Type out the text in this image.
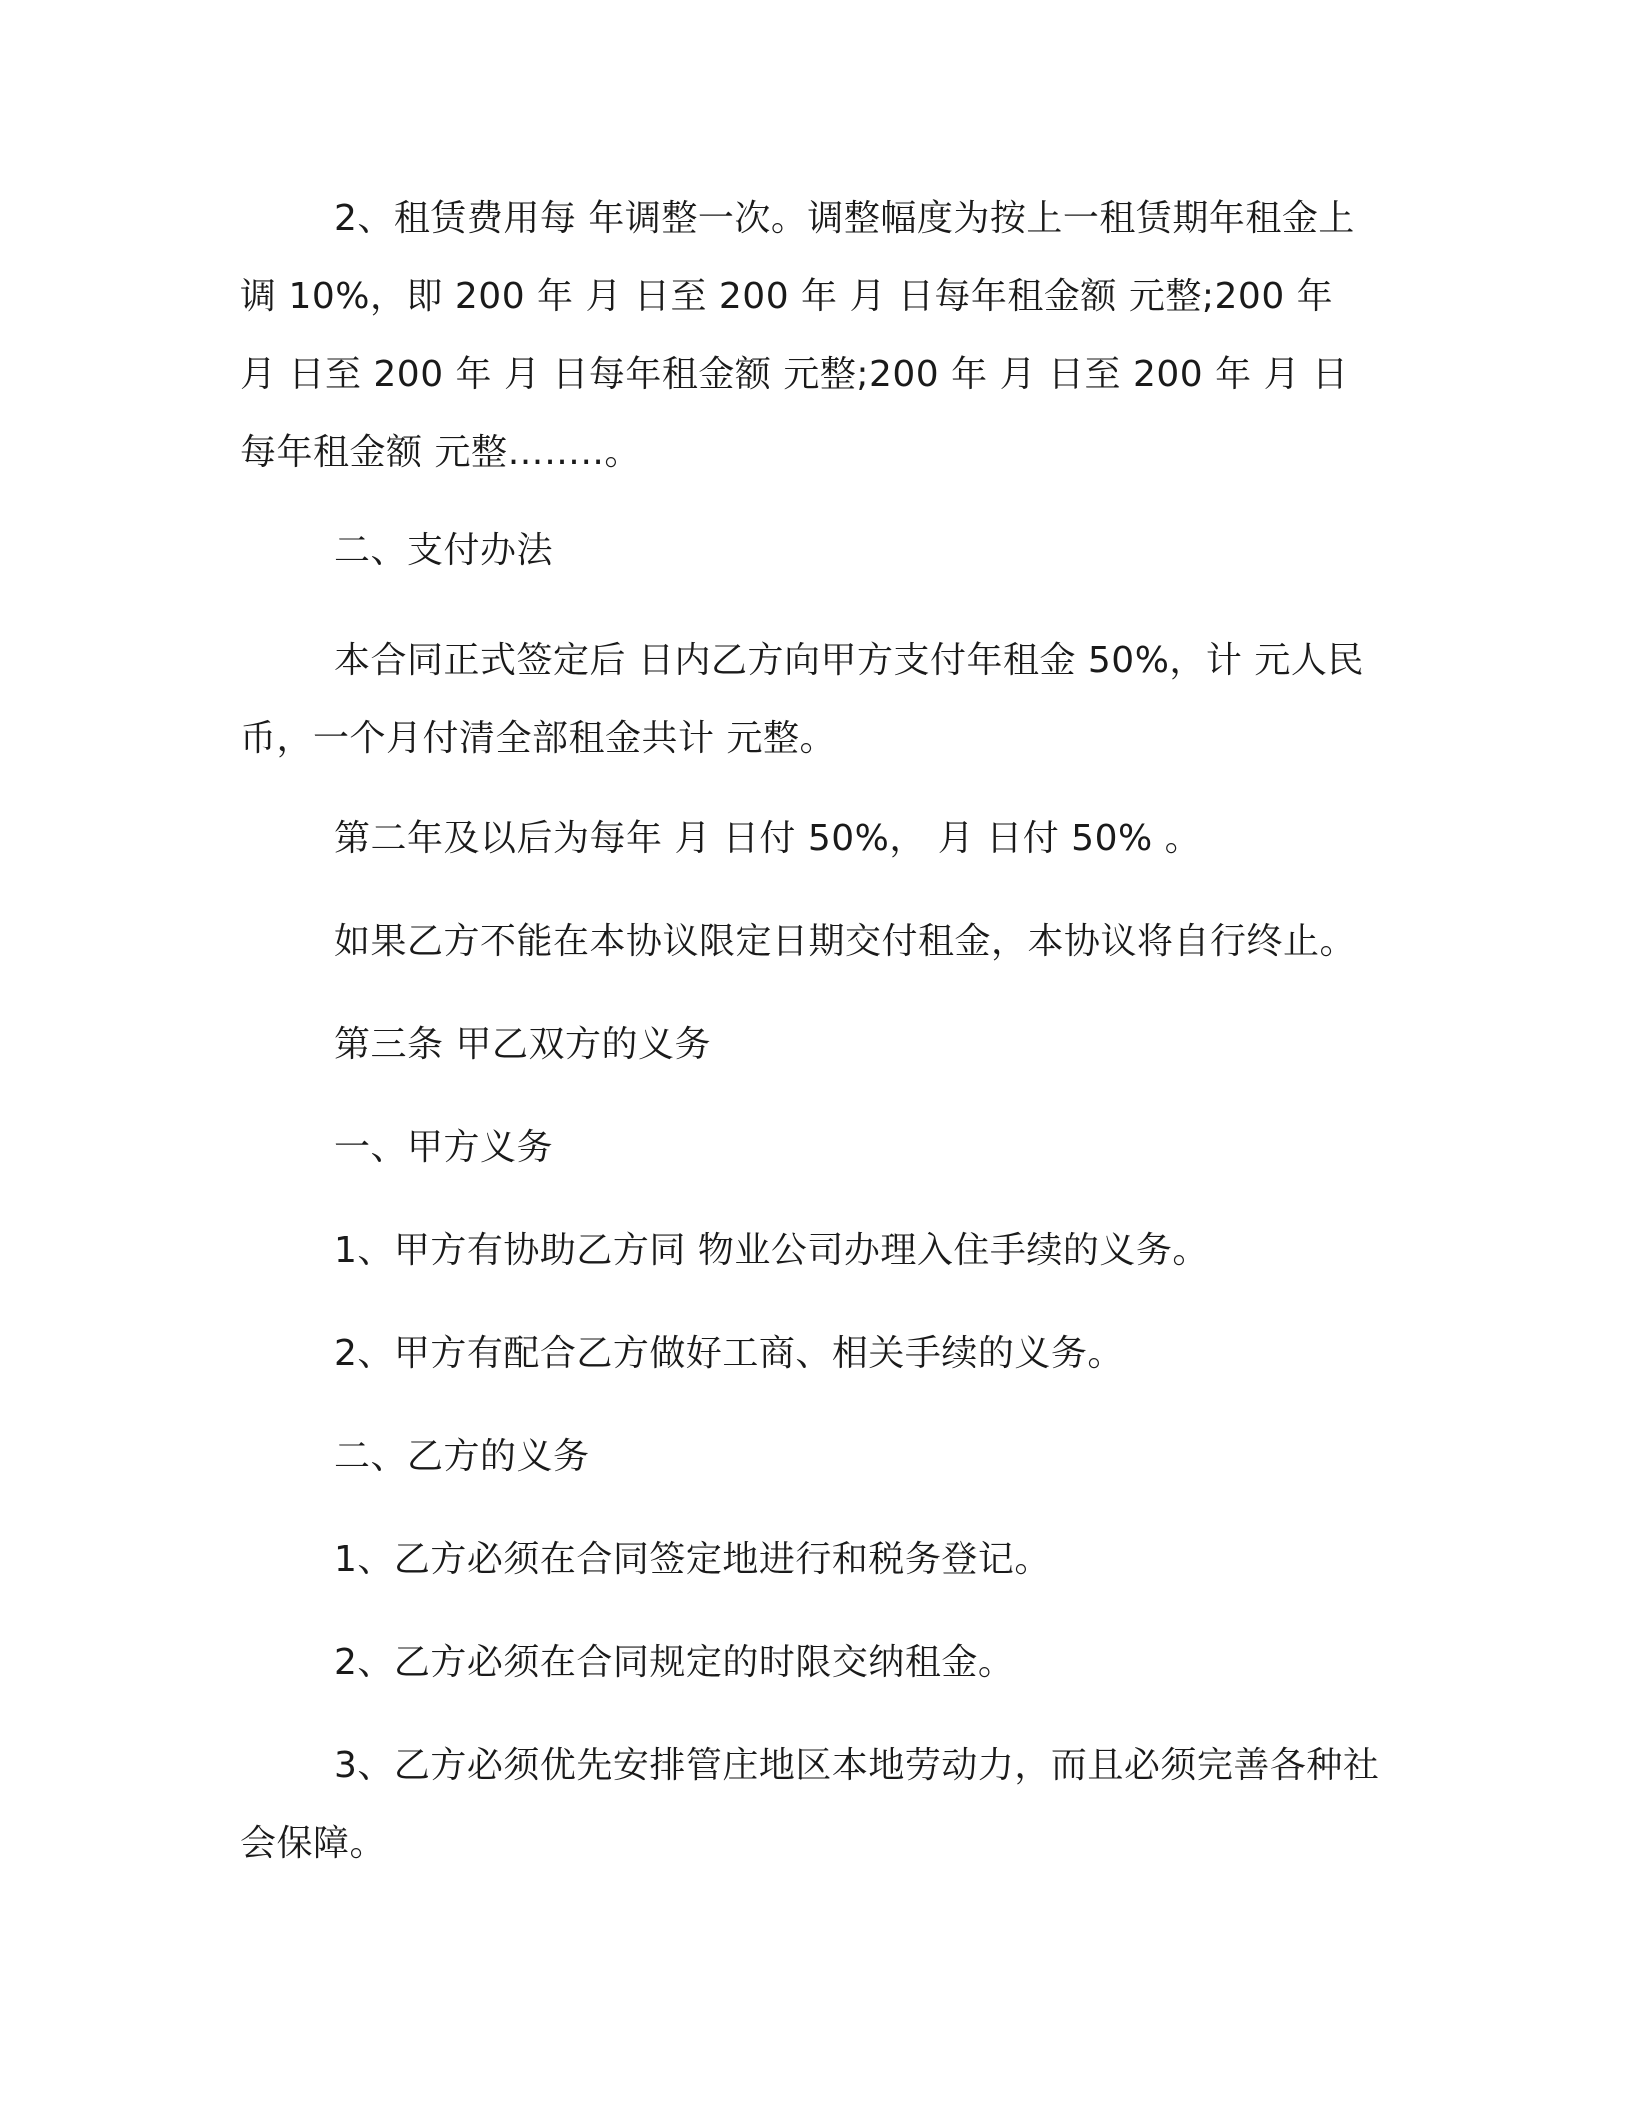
2、租赁费用每 年调整一次。调整幅度为按上一租赁期年租金上调 10%，即 200 年 月 日至 200 年 月 日每年租金额 元整;200 年 月 日至 200 年 月 日每年租金额 元整;200 年 月 日至 200 年 月 日每年租金额 元整……..。

二、支付办法

本合同正式签定后 日内乙方向甲方支付年租金 50%，计 元人民币，一个月付清全部租金共计 元整。

第二年及以后为每年 月 日付 50%， 月 日付 50% 。

如果乙方不能在本协议限定日期交付租金，本协议将自行终止。

第三条 甲乙双方的义务

一、甲方义务

1、甲方有协助乙方同 物业公司办理入住手续的义务。

2、甲方有配合乙方做好工商、相关手续的义务。

二、乙方的义务

1、乙方必须在合同签定地进行和税务登记。

2、乙方必须在合同规定的时限交纳租金。

3、乙方必须优先安排管庄地区本地劳动力，而且必须完善各种社会保障。
